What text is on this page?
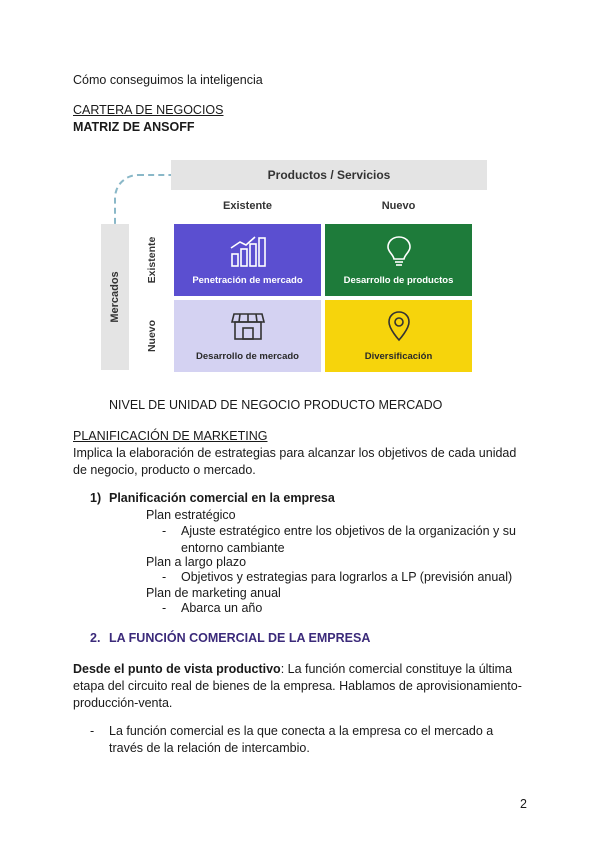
Cómo conseguimos la inteligencia
CARTERA DE NEGOCIOS
MATRIZ DE ANSOFF
Productos / Servicios
Existente	Nuevo
Mercados
Existente
Nuevo
Penetración de mercado	Desarrollo de productos
Desarrollo de mercado	Diversificación
NIVEL DE UNIDAD DE NEGOCIO PRODUCTO MERCADO
PLANIFICACIÓN DE MARKETING
Implica la elaboración de estrategias para alcanzar los objetivos de cada unidad de negocio, producto o mercado.
1) Planificación comercial en la empresa
Plan estratégico
- Ajuste estratégico entre los objetivos de la organización y su entorno cambiante
Plan a largo plazo
- Objetivos y estrategias para lograrlos a LP (previsión anual)
Plan de marketing anual
- Abarca un año
2. LA FUNCIÓN COMERCIAL DE LA EMPRESA
Desde el punto de vista productivo: La función comercial constituye la última etapa del circuito real de bienes de la empresa. Hablamos de aprovisionamiento-producción-venta.
- La función comercial es la que conecta a la empresa co el mercado a través de la relación de intercambio.
2
